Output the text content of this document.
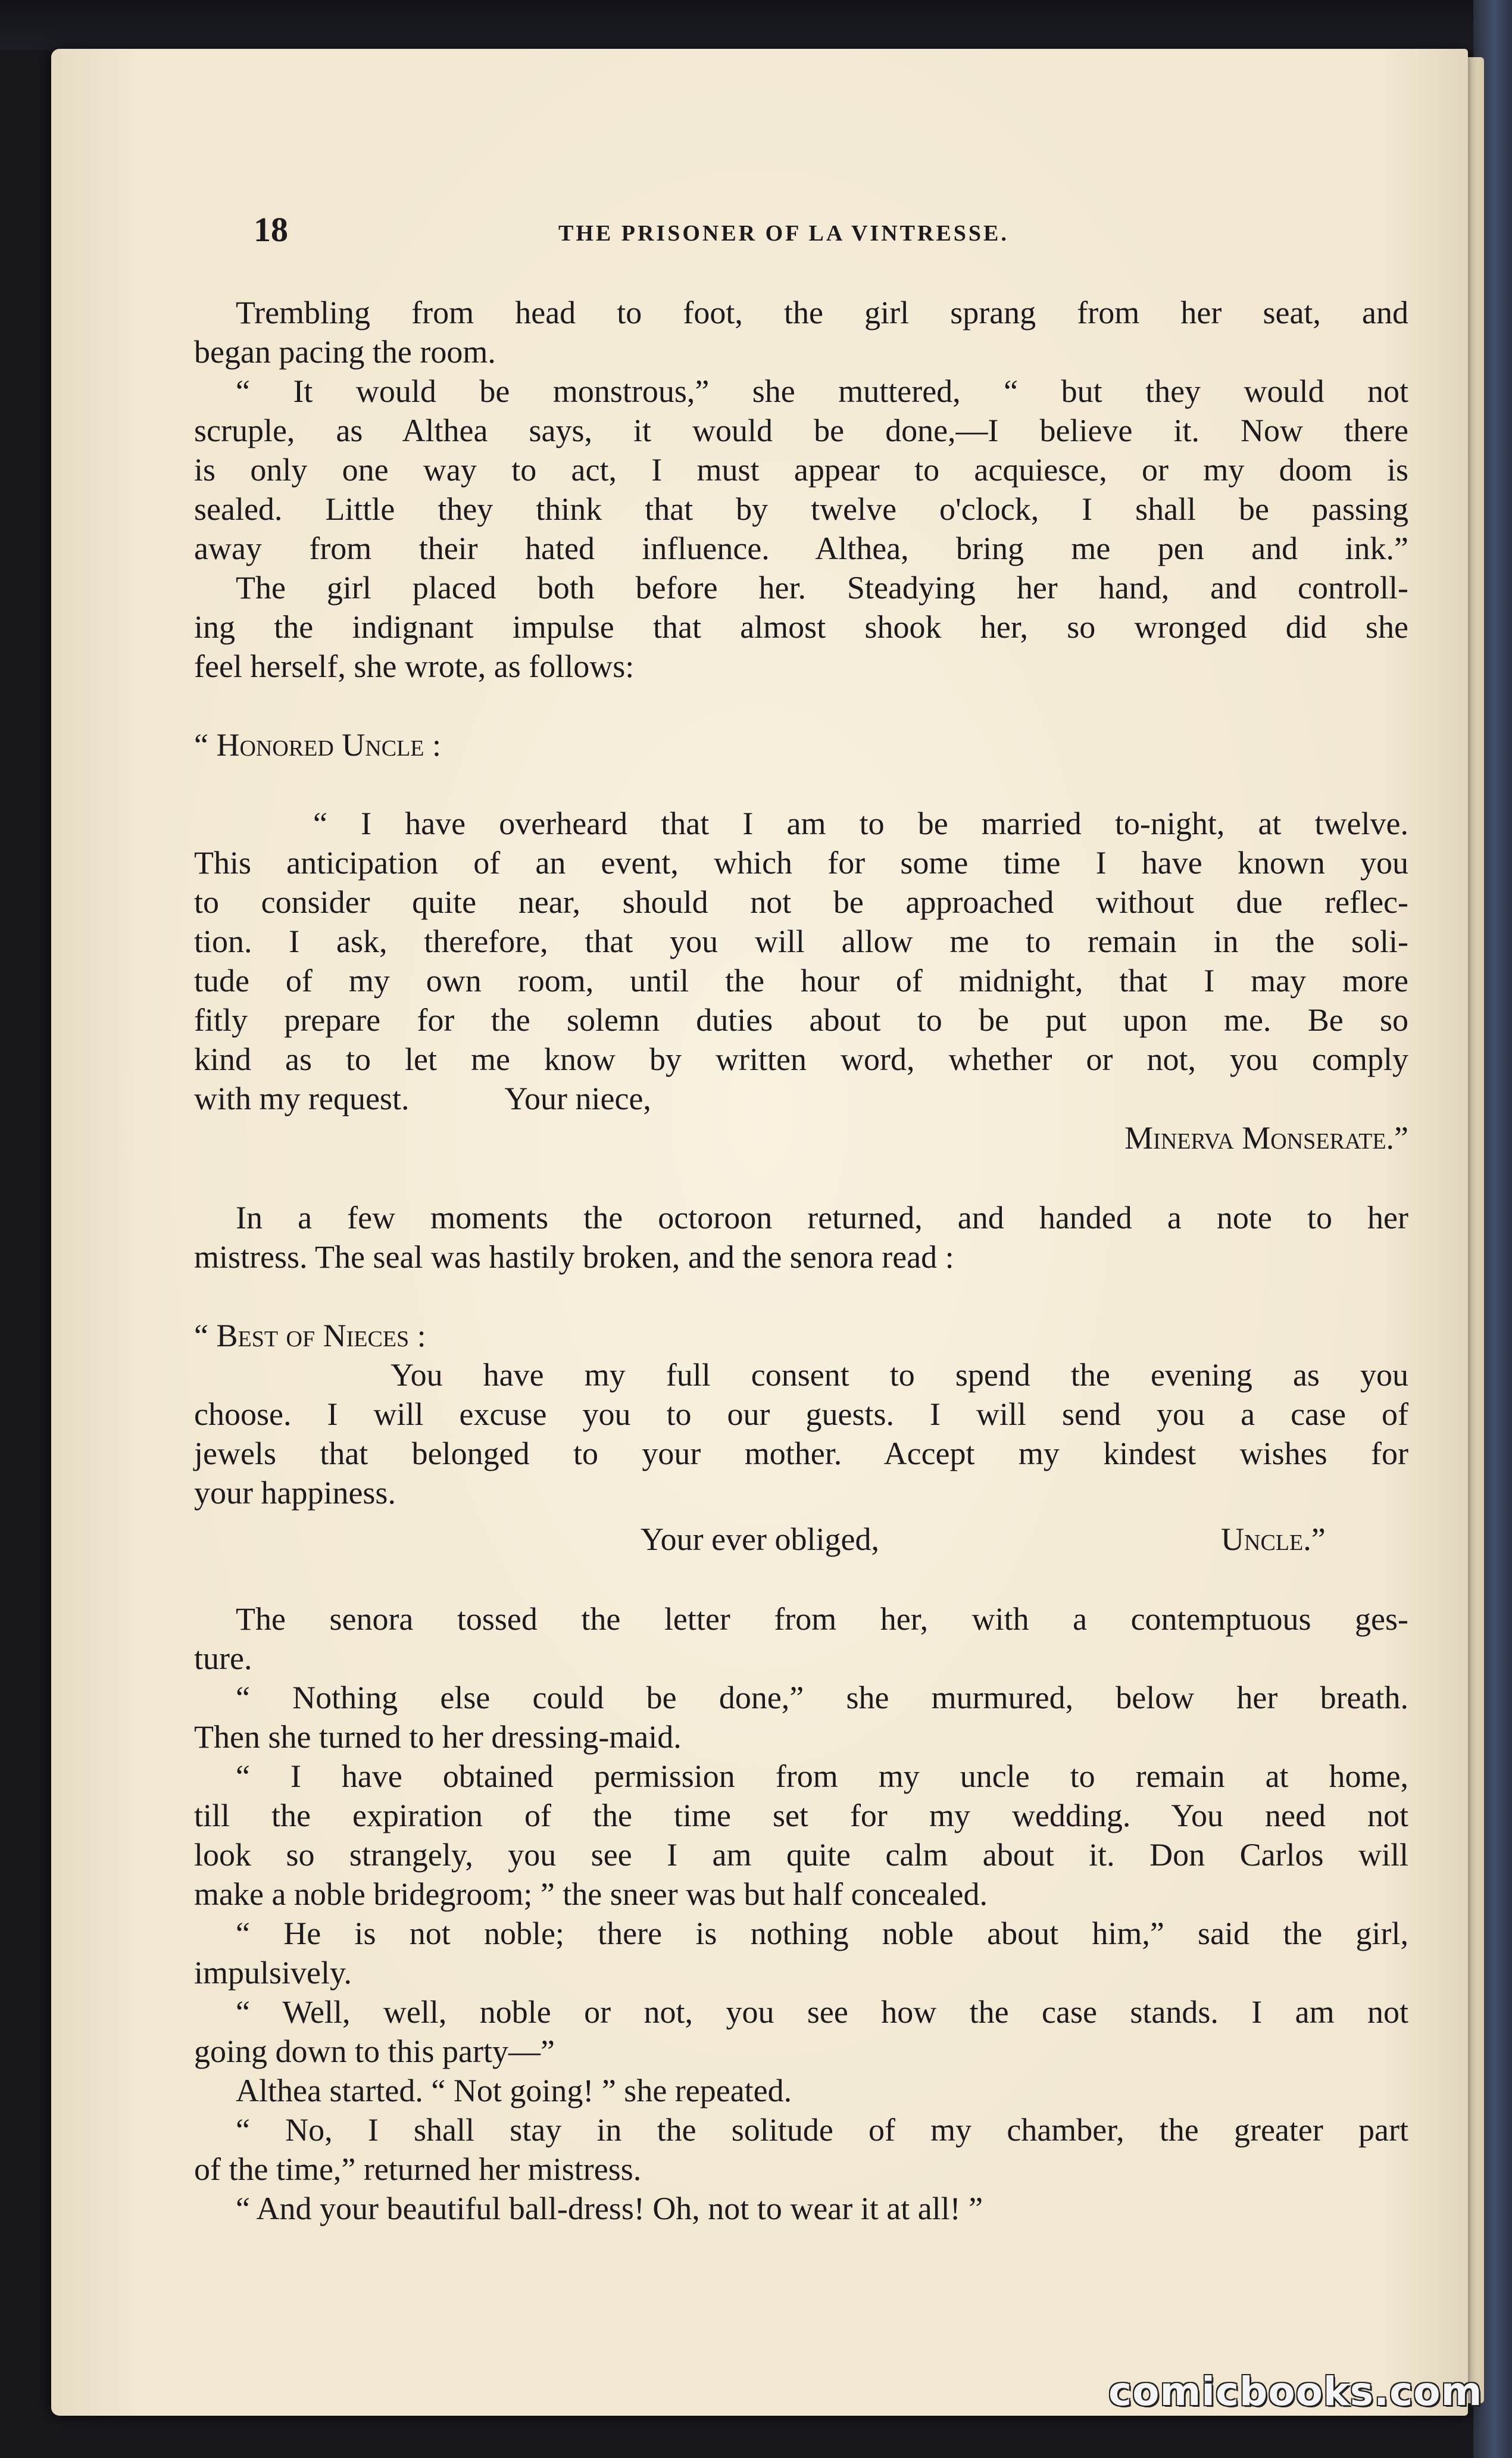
18	THE PRISONER OF LA VINTRESSE.
Trembling from head to foot, the girl sprang from her seat, and
began pacing the room.
“ It would be monstrous,” she muttered, “ but they would not
scruple, as Althea says, it would be done,—I believe it. Now there
is only one way to act, I must appear to acquiesce, or my doom is
sealed. Little they think that by twelve o'clock, I shall be passing
away from their hated influence. Althea, bring me pen and ink.”
The girl placed both before her. Steadying her hand, and controll-
ing the indignant impulse that almost shook her, so wronged did she
feel herself, she wrote, as follows:
“ Honored Uncle :
“ I have overheard that I am to be married to-night, at twelve.
This anticipation of an event, which for some time I have known you
to consider quite near, should not be approached without due reflec-
tion. I ask, therefore, that you will allow me to remain in the soli-
tude of my own room, until the hour of midnight, that I may more
fitly prepare for the solemn duties about to be put upon me. Be so
kind as to let me know by written word, whether or not, you comply
with my request.            Your niece,
Minerva Monserate.”
In a few moments the octoroon returned, and handed a note to her
mistress. The seal was hastily broken, and the senora read :
“ Best of Nieces :
You have my full consent to spend the evening as you
choose. I will excuse you to our guests. I will send you a case of
jewels that belonged to your mother. Accept my kindest wishes for
your happiness.
Your ever obliged,	Uncle.”
The senora tossed the letter from her, with a contemptuous ges-
ture.
“ Nothing else could be done,” she murmured, below her breath.
Then she turned to her dressing-maid.
“ I have obtained permission from my uncle to remain at home,
till the expiration of the time set for my wedding. You need not
look so strangely, you see I am quite calm about it. Don Carlos will
make a noble bridegroom; ” the sneer was but half concealed.
“ He is not noble; there is nothing noble about him,” said the girl,
impulsively.
“ Well, well, noble or not, you see how the case stands. I am not
going down to this party—”
Althea started. “ Not going! ” she repeated.
“ No, I shall stay in the solitude of my chamber, the greater part
of the time,” returned her mistress.
“ And your beautiful ball-dress! Oh, not to wear it at all! ”
comicbooks.com
